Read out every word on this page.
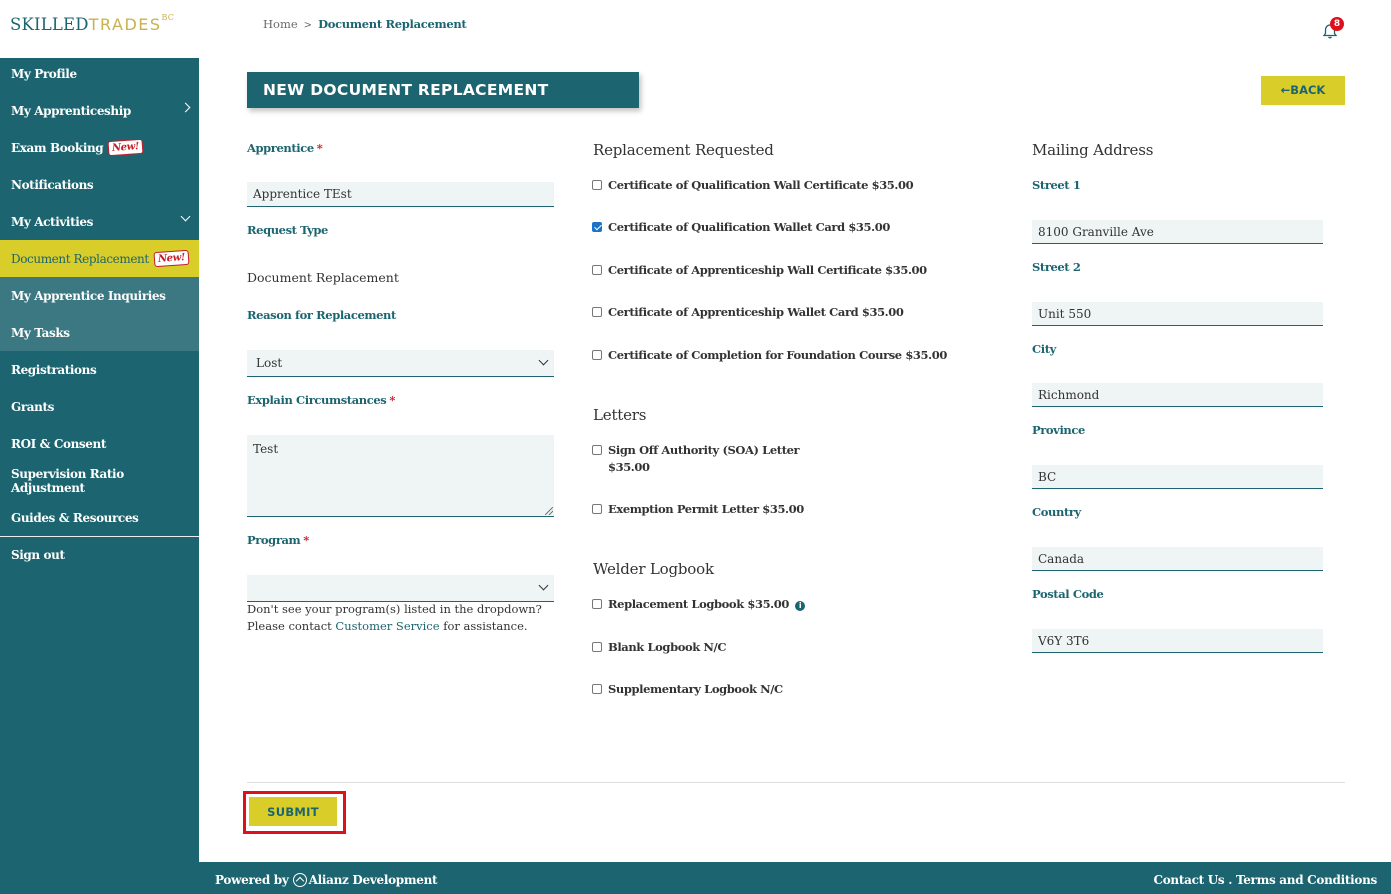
$SKILLEDTRADES^{BC}$
My Profile
My Apprenticeship
Exam Booking New!
Notifications
My Activities
Document Replacement New!
My Apprentice Inquiries
My Tasks
Registrations
Grants
ROI & Consent
Supervision Ratio Adjustment
Guides & Resources
Sign out
Home > Document Replacement	8
NEW DOCUMENT REPLACEMENT	←BACK
Apprentice *
Apprentice TEst
Request Type
Document Replacement
Reason for Replacement
Lost
Explain Circumstances *
Test
Program *
Don't see your program(s) listed in the dropdown? Please contact Customer Service for assistance.
Replacement Requested
Certificate of Qualification Wall Certificate $35.00
Certificate of Qualification Wallet Card $35.00
Certificate of Apprenticeship Wall Certificate $35.00
Certificate of Apprenticeship Wallet Card $35.00
Certificate of Completion for Foundation Course $35.00
Letters
Sign Off Authority (SOA) Letter
$35.00
Exemption Permit Letter $35.00
Welder Logbook
Replacement Logbook $35.00 i
Blank Logbook N/C
Supplementary Logbook N/C
Mailing Address
Street 1
8100 Granville Ave
Street 2
Unit 550
City
Richmond
Province
BC
Country
Canada
Postal Code
V6Y 3T6
SUBMIT
Powered by Alianz Development	Contact Us . Terms and Conditions
